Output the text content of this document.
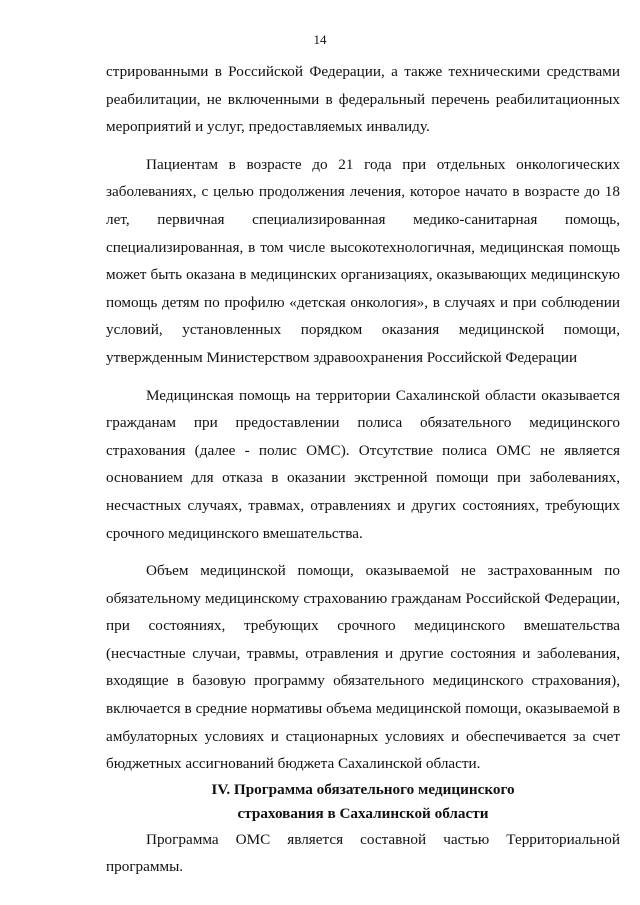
14

стрированными в Российской Федерации, а также техническими средствами реабилитации, не включенными в федеральный перечень реабилитационных мероприятий и услуг, предоставляемых инвалиду.

Пациентам в возрасте до 21 года при отдельных онкологических заболеваниях, с целью продолжения лечения, которое начато в возрасте до 18 лет, первичная специализированная медико-санитарная помощь, специализированная, в том числе высокотехнологичная, медицинская помощь может быть оказана в медицинских организациях, оказывающих медицинскую помощь детям по профилю «детская онкология», в случаях и при соблюдении условий, установленных порядком оказания медицинской помощи, утвержденным Министерством здравоохранения Российской Федерации

Медицинская помощь на территории Сахалинской области оказывается гражданам при предоставлении полиса обязательного медицинского страхования (далее - полис ОМС). Отсутствие полиса ОМС не является основанием для отказа в оказании экстренной помощи при заболеваниях, несчастных случаях, травмах, отравлениях и других состояниях, требующих срочного медицинского вмешательства.

Объем медицинской помощи, оказываемой не застрахованным по обязательному медицинскому страхованию гражданам Российской Федерации, при состояниях, требующих срочного медицинского вмешательства (несчастные случаи, травмы, отравления и другие состояния и заболевания, входящие в базовую программу обязательного медицинского страхования), включается в средние нормативы объема медицинской помощи, оказываемой в амбулаторных условиях и стационарных условиях и обеспечивается за счет бюджетных ассигнований бюджета Сахалинской области.

IV. Программа обязательного медицинского
страхования в Сахалинской области

Программа ОМС является составной частью Территориальной программы.
